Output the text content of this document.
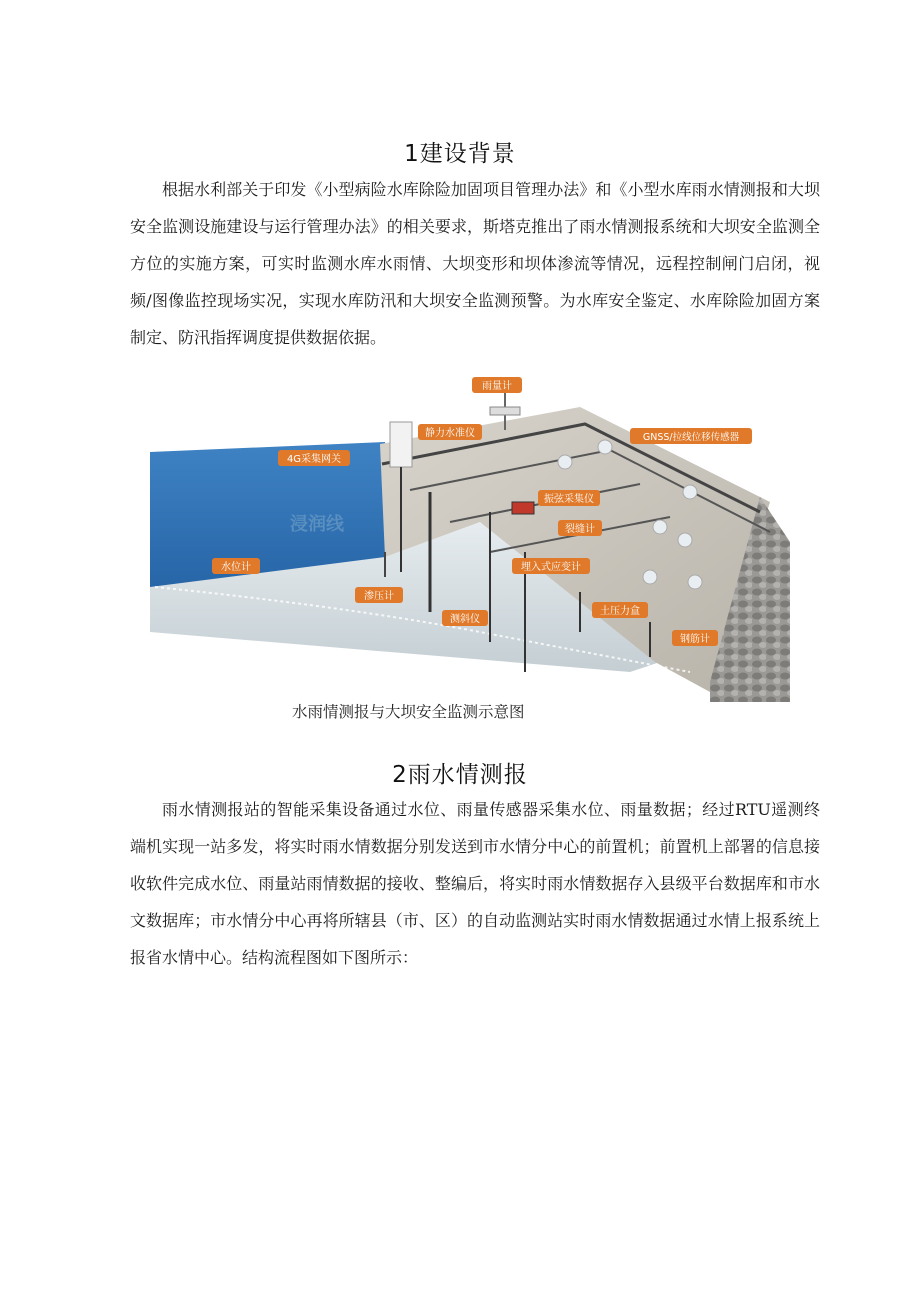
1建设背景
根据水利部关于印发《小型病险水库除险加固项目管理办法》和《小型水库雨水情测报和大坝安全监测设施建设与运行管理办法》的相关要求，斯塔克推出了雨水情测报系统和大坝安全监测全方位的实施方案，可实时监测水库水雨情、大坝变形和坝体渗流等情况，远程控制闸门启闭，视频/图像监控现场实况，实现水库防汛和大坝安全监测预警。为水库安全鉴定、水库除险加固方案制定、防汛指挥调度提供数据依据。
浸润线
雨量计
静力水准仪	GNSS/拉线位移传感器
4G采集网关
振弦采集仪
裂缝计
埋入式应变计
水位计
渗压计
测斜仪
土压力盒
钢筋计
水雨情测报与大坝安全监测示意图
2雨水情测报
雨水情测报站的智能采集设备通过水位、雨量传感器采集水位、雨量数据；经过RTU遥测终端机实现一站多发，将实时雨水情数据分别发送到市水情分中心的前置机；前置机上部署的信息接收软件完成水位、雨量站雨情数据的接收、整编后，将实时雨水情数据存入县级平台数据库和市水文数据库；市水情分中心再将所辖县（市、区）的自动监测站实时雨水情数据通过水情上报系统上报省水情中心。结构流程图如下图所示：
